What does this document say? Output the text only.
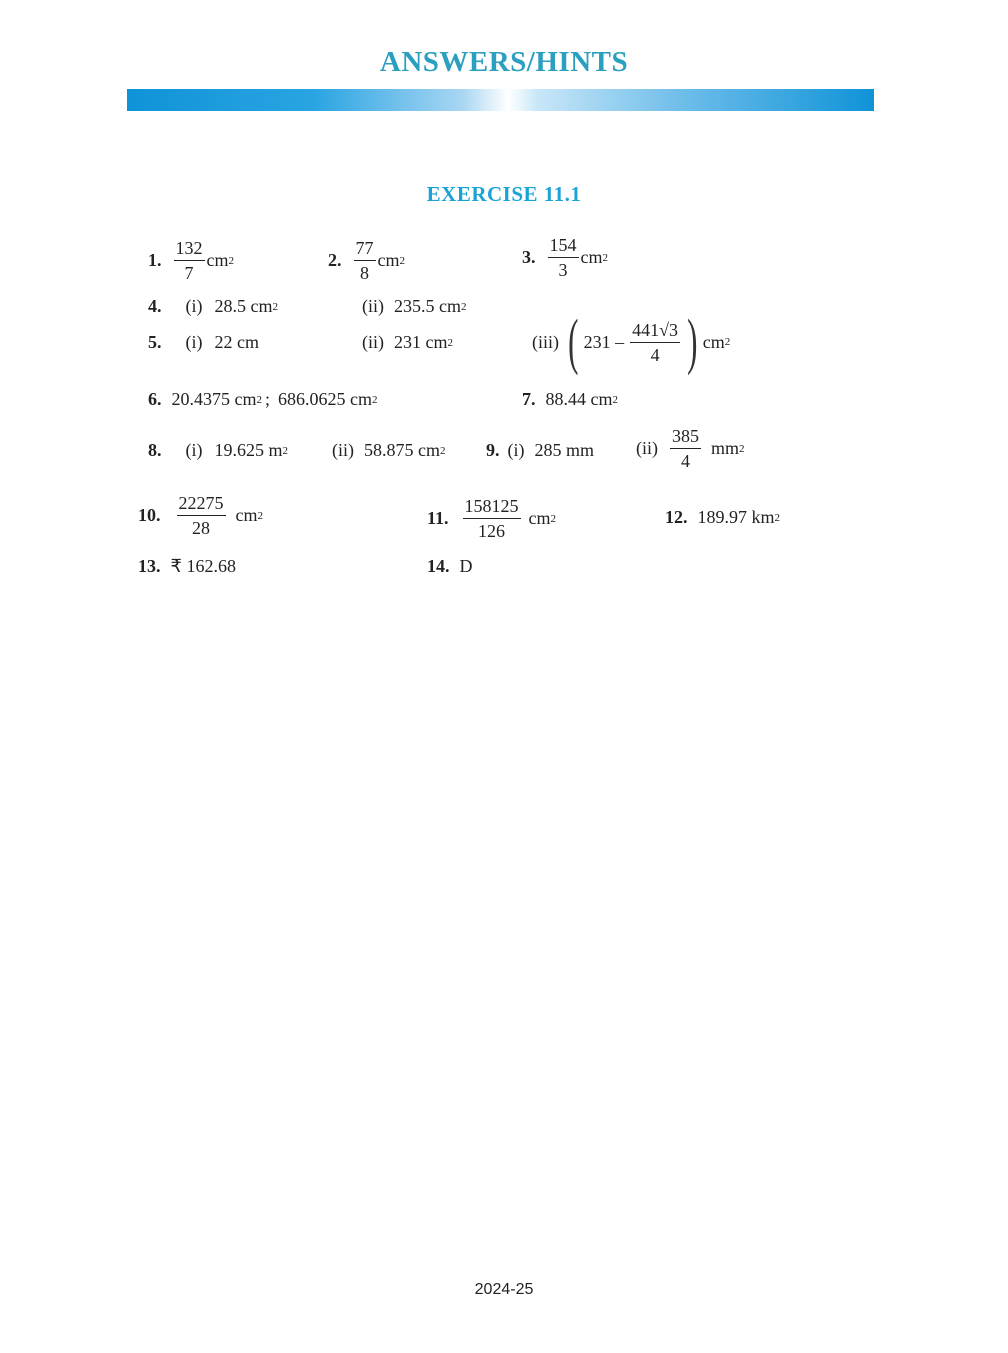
ANSWERS/HINTS
EXERCISE 11.1
1. $\frac{132}{7}$ cm 2	2. $\frac{77}{8}$ cm 2	3. $\frac{154}{3}$ cm 2
4. (i) 28.5 cm 2	(ii) 235.5 cm 2
5. (i) 22 cm	(ii) 231 cm 2	(iii) ( $231 - \frac{441√3}{4}$ ) cm 2
6. 20.4375 cm 2 ; 686.0625 cm 2	7. 88.44 cm 2
8. (i) 19.625 m 2 (ii) 58.875 cm 2 9. (i) 285 mm $(ii) \frac{385}{4}$ mm 2
10. $\frac{22275}{28}$ cm 2	11. $\frac{158125}{126}$ cm 2	12. 189.97 km 2
13. ₹ 162.68	14. D
2024-25
